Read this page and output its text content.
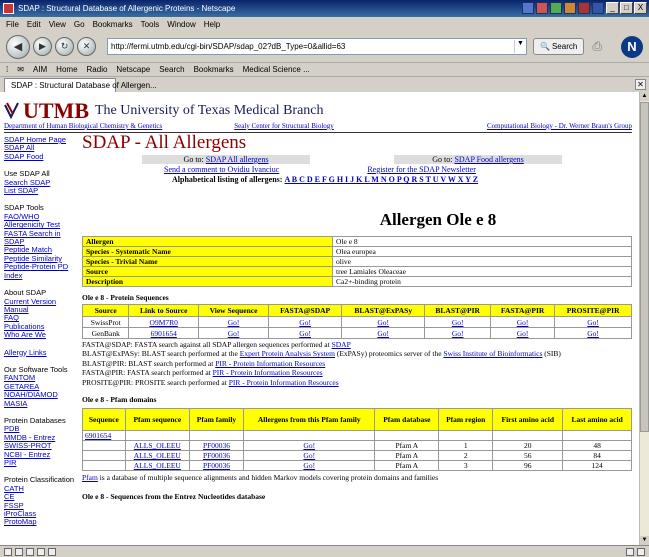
SDAP : Structural Database of Allergenic Proteins - Netscape	_	□	X
File Edit View Go Bookmarks Tools Window Help
◀	▶	↻	✕	http://fermi.utmb.edu/cgi-bin/SDAP/sdap_02?dB_Type=0&allid=63	▼ 🔍 Search ⎙	N
⁞ ✉ AIM Home Radio Netscape Search Bookmarks Medical Science ...
SDAP : Structural Database of Allergen...	✕
UTMB The University of Texas Medical Branch
Department of Human Biological Chemistry & Genetics	Sealy Center for Structural Biology	Computational Biology - Dr. Werner Braun's Group
SDAP Home Page
SDAP All
SDAP Food
Use SDAP All
Search SDAP
List SDAP
SDAP Tools
FAO/WHO
Allergenicity Test
FASTA Search in
SDAP
Peptide Match
Peptide Similarity
Peptide-Protein PD
Index
About SDAP
Current Version
Manual
FAQ
Publications
Who Are We
Allergy Links
Our Software Tools
FANTOM
GETAREA
NOAH/DIAMOD
MASIA
Protein Databases
PDB
MMDB - Entrez
SWISS-PROT
NCBI - Entrez
PIR
Protein Classification
CATH
CE
FSSP
iProClass
ProtoMap
SDAP - All Allergens
Go to: SDAP All allergens	Go to: SDAP Food allergens
Send a comment to Ovidiu Ivanciuc	Register for the SDAP Newsletter
Alphabetical listing of allergens: A B C D E F G H I J K L M N O P Q R S T U V W X Y Z
Allergen Ole e 8
Allergen	Ole e 8
Species - Systematic Name	Olea europea
Species - Trivial Name	olive
Source	tree Lamiales Oleaceae
Description	Ca2+-binding protein
Ole e 8 - Protein Sequences
Source	Link to Source	View Sequence	FASTA@SDAP	BLAST@ExPASy	BLAST@PIR	FASTA@PIR	PROSITE@PIR
SwissProt	O9M7R0	Go!	Go!	Go!	Go!	Go!	Go!
GenBank	6901654	Go!	Go!	Go!	Go!	Go!	Go!
FASTA@SDAP: FASTA search against all SDAP allergen sequences performed at SDAP
BLAST@ExPASy: BLAST search performed at the Expert Protein Analysis System (ExPASy) proteomics server of the Swiss Institute of Bioinformatics (SIB)
BLAST@PIR: BLAST search performed at PIR - Protein Information Resources
FASTA@PIR: FASTA search performed at PIR - Protein Information Resources
PROSITE@PIR: PROSITE search performed at PIR - Protein Information Resources
Ole e 8 - Pfam domains
Sequence	Pfam sequence	Pfam family	Allergens from this Pfam family	Pfam database	Pfam region	First amino acid	Last amino acid
6901654							
	ALLS_OLEEU	PF00036	Go!	Pfam A	1	20	48
	ALLS_OLEEU	PF00036	Go!	Pfam A	2	56	84
	ALLS_OLEEU	PF00036	Go!	Pfam A	3	96	124
Pfam is a database of multiple sequence alignments and hidden Markov models covering protein domains and families
Ole e 8 - Sequences from the Entrez Nucleotides database
▲
▼
